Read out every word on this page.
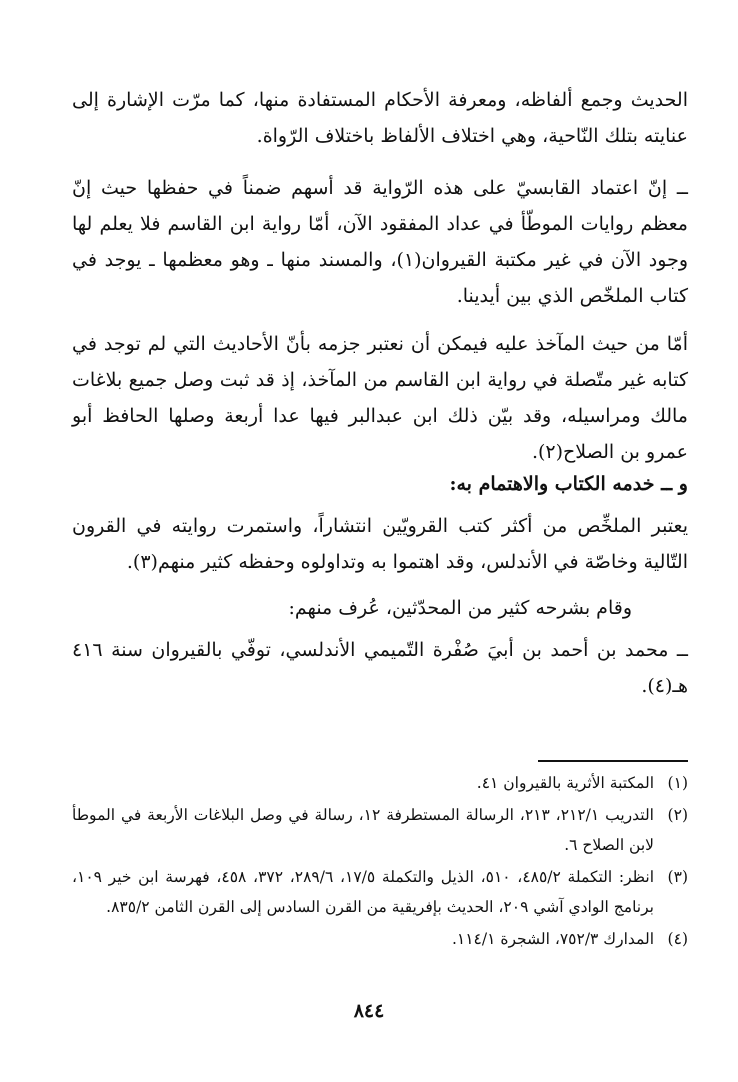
الحديث وجمع ألفاظه، ومعرفة الأحكام المستفادة منها، كما مرّت الإشارة إلى عنايته بتلك النّاحية، وهي اختلاف الألفاظ باختلاف الرّواة.
ــ إنّ اعتماد القابسيّ على هذه الرّواية قد أسهم ضمناً في حفظها حيث إنّ معظم روايات الموطّأ في عداد المفقود الآن، أمّا رواية ابن القاسم فلا يعلم لها وجود الآن في غير مكتبة القيروان(١)، والمسند منها ـ وهو معظمها ـ يوجد في كتاب الملخّص الذي بين أيدينا.
أمّا من حيث المآخذ عليه فيمكن أن نعتبر جزمه بأنّ الأحاديث التي لم توجد في كتابه غير متّصلة في رواية ابن القاسم من المآخذ، إذ قد ثبت وصل جميع بلاغات مالك ومراسيله، وقد بيّن ذلك ابن عبدالبر فيها عدا أربعة وصلها الحافظ أبو عمرو بن الصلاح(٢).
و ــ خدمه الكتاب والاهتمام به:
يعتبر الملخِّص من أكثر كتب القرويّين انتشاراً، واستمرت روايته في القرون التّالية وخاصّة في الأندلس، وقد اهتموا به وتداولوه وحفظه كثير منهم(٣).
وقام بشرحه كثير من المحدّثين، عُرف منهم:
ــ محمد بن أحمد بن أبيَ صُفْرة التّميمي الأندلسي، توفّي بالقيروان سنة ٤١٦ هـ(٤).
(١)
المكتبة الأثرية بالقيروان ٤١.
(٢)
التدريب ٢١٢/١، ٢١٣، الرسالة المستطرفة ١٢، رسالة في وصل البلاغات الأربعة في الموطأ لابن الصلاح ٦.
(٣)
انظر: التكملة ٤٨٥/٢، ٥١٠، الذيل والتكملة ١٧/٥، ٢٨٩/٦، ٣٧٢، ٤٥٨، فهرسة ابن خير ١٠٩، برنامج الوادي آشي ٢٠٩، الحديث بإفريقية من القرن السادس إلى القرن الثامن ٨٣٥/٢.
(٤)
المدارك ٧٥٢/٣، الشجرة ١١٤/١.
٨٤٤
